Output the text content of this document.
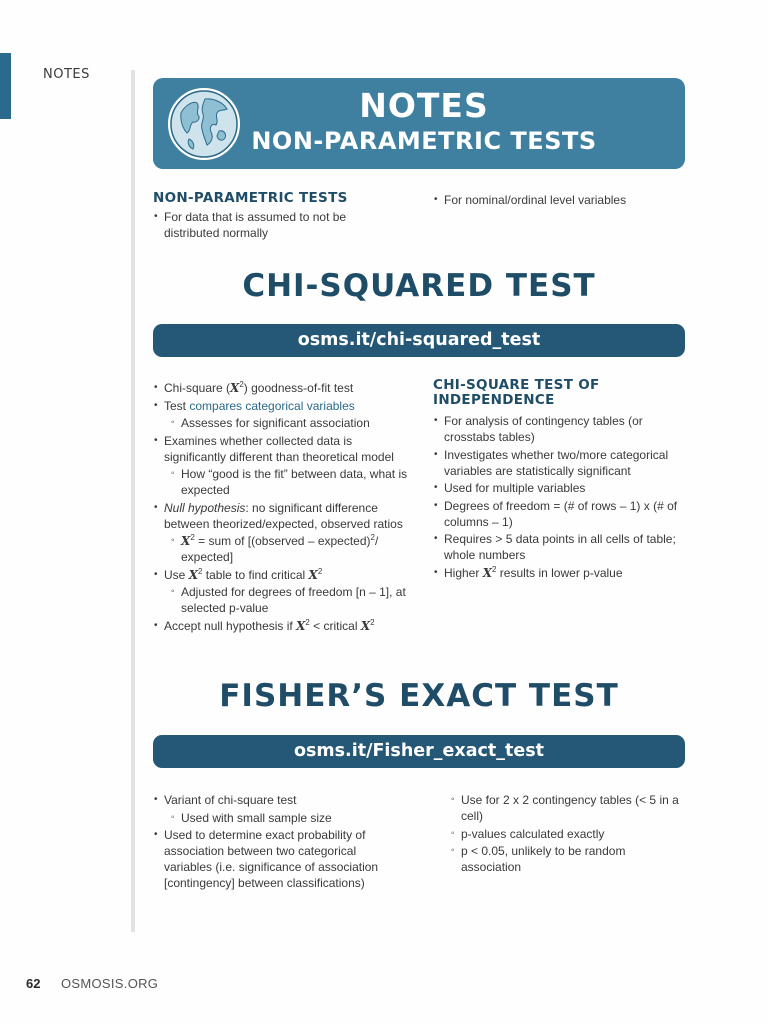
NOTES
NOTES
NON-PARAMETRIC TESTS
NON-PARAMETRIC TESTS
• For data that is assumed to not be distributed normally
• For nominal/ordinal level variables
CHI-SQUARED TEST
osms.it/chi-squared_test
• Chi-square $(X^2)$ goodness-of-fit test
• Test compares categorical variables
◦ Assesses for significant association
• Examines whether collected data is significantly different than theoretical model
◦ How “good is the fit” between data, what is expected
• Null hypothesis: no significant difference between theorized/expected, observed ratios
◦ $X^2$ = sum of [(observed – expected)$^2$/ expected]
• Use $X^2$ table to find critical $X^2$
◦ Adjusted for degrees of freedom [n – 1], at selected p-value
• Accept null hypothesis if $X^2$ < critical $X^2$
CHI-SQUARE TEST OF
INDEPENDENCE
• For analysis of contingency tables (or crosstabs tables)
• Investigates whether two/more categorical variables are statistically significant
• Used for multiple variables
• Degrees of freedom = (# of rows – 1) x (# of columns – 1)
• Requires > 5 data points in all cells of table; whole numbers
• Higher $X^2$ results in lower p-value
FISHER’S EXACT TEST
osms.it/Fisher_exact_test
• Variant of chi-square test
◦ Used with small sample size
• Used to determine exact probability of association between two categorical variables (i.e. significance of association [contingency] between classifications)
◦ Use for 2 x 2 contingency tables (< 5 in a cell)
◦ p-values calculated exactly
◦ p < 0.05, unlikely to be random association
62 OSMOSIS.ORG
